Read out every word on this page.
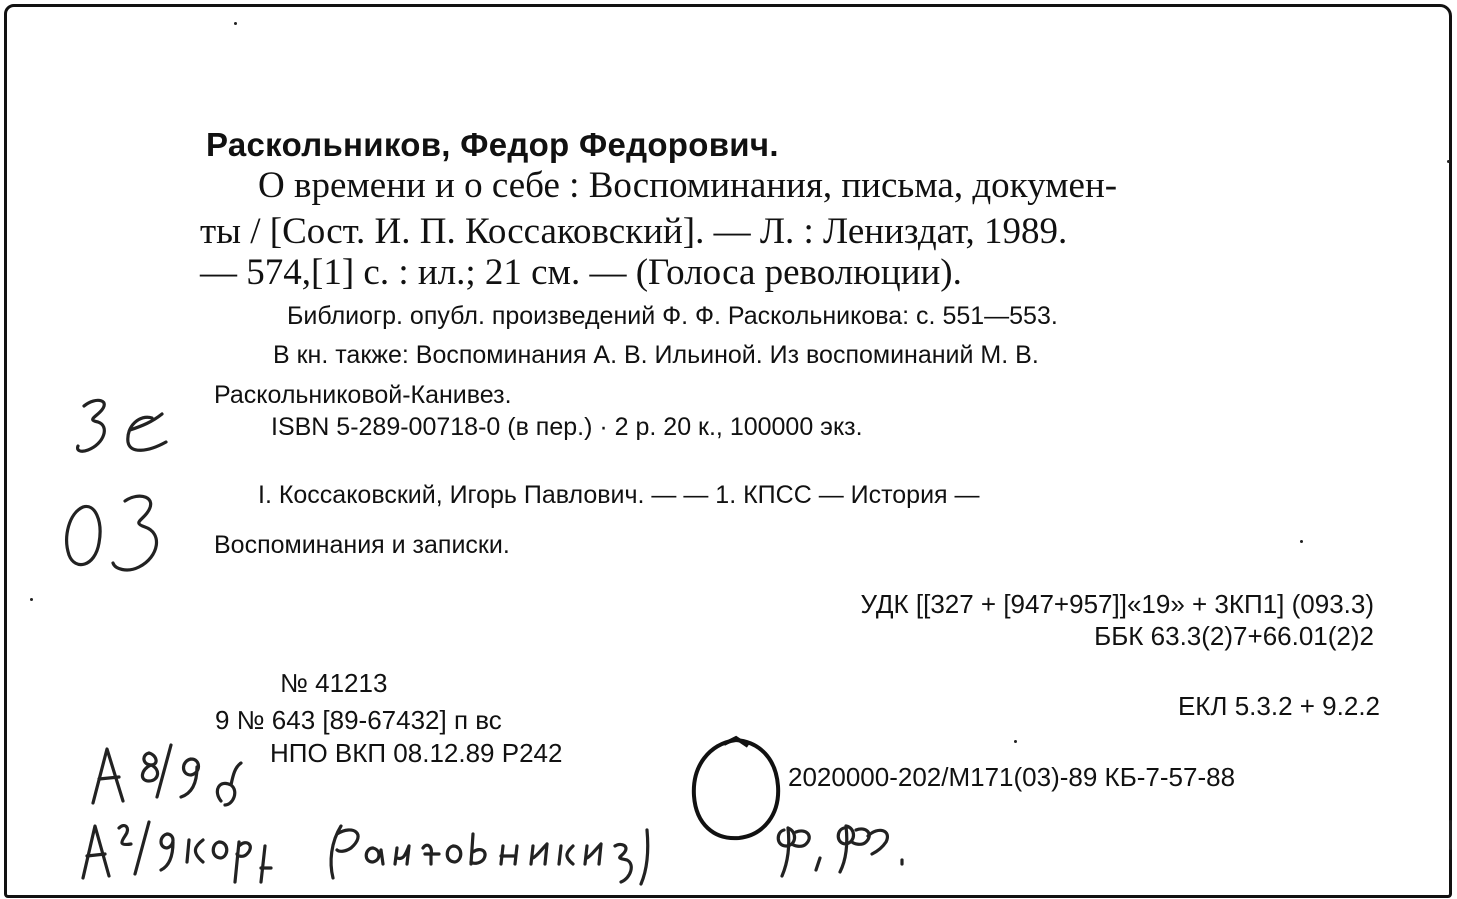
Раскольников, Федор Федорович.
О времени и о себе : Воспоминания, письма, докумен-
ты / [Сост. И. П. Коссаковский]. — Л. : Лениздат, 1989.
— 574,[1] с. : ил.; 21 см. — (Голоса революции).
Библиогр. опубл. произведений Ф. Ф. Раскольникова: с. 551—553.
В кн. также: Воспоминания А. В. Ильиной. Из воспоминаний М. В.
Раскольниковой-Канивез.
ISBN 5-289-00718-0 (в пер.) · 2 р. 20 к., 100000 экз.
I. Коссаковский, Игорь Павлович. — — 1. КПСС — История —
Воспоминания и записки.
УДК [[327 + [947+957]]«19» + 3КП1] (093.3)
ББК 63.3(2)7+66.01(2)2
№ 41213
9 № 643 [89-67432] п вс
НПО ВКП 08.12.89 Р242
ЕКЛ 5.3.2 + 9.2.2
2020000-202/М171(03)-89 КБ-7-57-88
